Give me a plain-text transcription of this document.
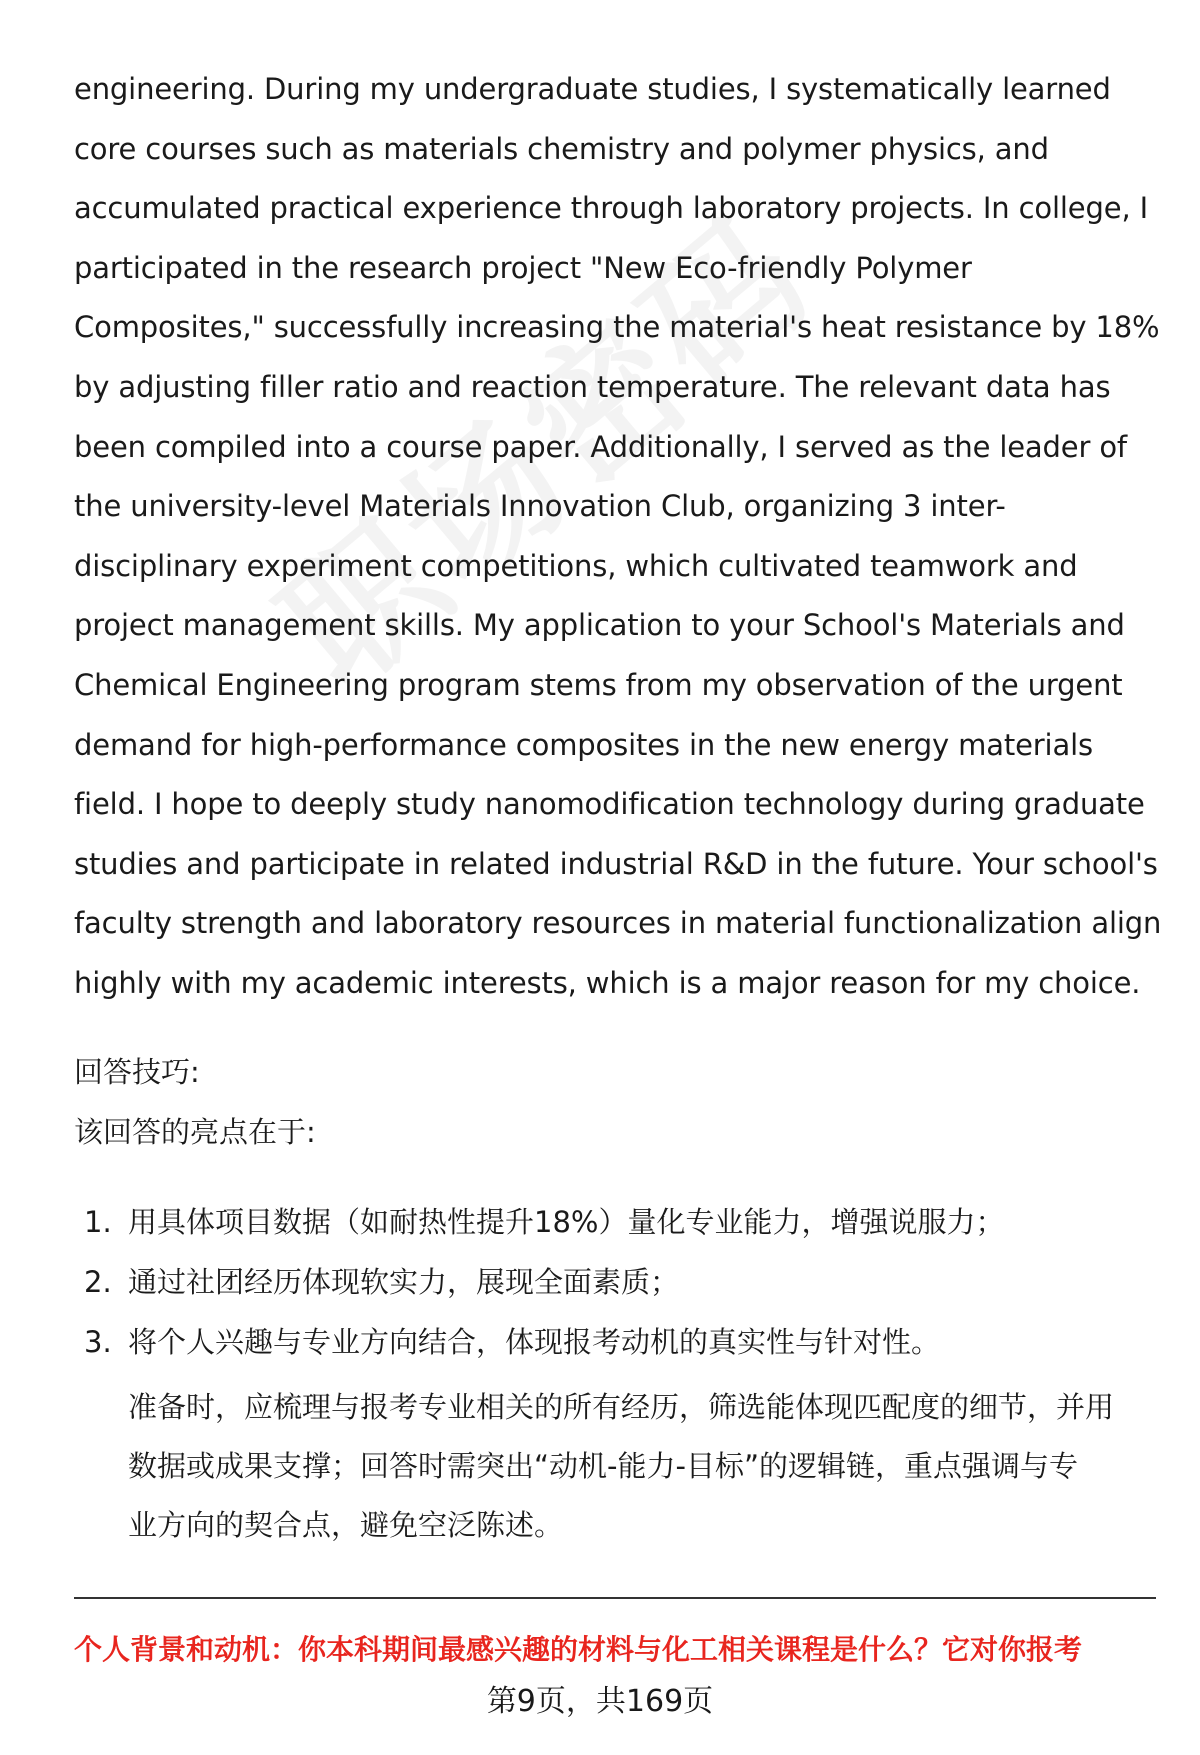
engineering. During my undergraduate studies, I systematically learned
core courses such as materials chemistry and polymer physics, and
accumulated practical experience through laboratory projects. In college, I
participated in the research project "New Eco-friendly Polymer
Composites," successfully increasing the material's heat resistance by 18%
by adjusting filler ratio and reaction temperature. The relevant data has
been compiled into a course paper. Additionally, I served as the leader of
the university-level Materials Innovation Club, organizing 3 inter-
disciplinary experiment competitions, which cultivated teamwork and
project management skills. My application to your School's Materials and
Chemical Engineering program stems from my observation of the urgent
demand for high-performance composites in the new energy materials
field. I hope to deeply study nanomodification technology during graduate
studies and participate in related industrial R&D in the future. Your school's
faculty strength and laboratory resources in material functionalization align
highly with my academic interests, which is a major reason for my choice.
回答技巧:
该回答的亮点在于:
1. 用具体项目数据（如耐热性提升18%）量化专业能力，增强说服力；
2. 通过社团经历体现软实力，展现全面素质；
3. 将个人兴趣与专业方向结合，体现报考动机的真实性与针对性。
准备时，应梳理与报考专业相关的所有经历，筛选能体现匹配度的细节，并用
数据或成果支撑；回答时需突出“动机-能力-目标”的逻辑链，重点强调与专
业方向的契合点，避免空泛陈述。
个人背景和动机：你本科期间最感兴趣的材料与化工相关课程是什么？它对你报考
第9页，共169页
